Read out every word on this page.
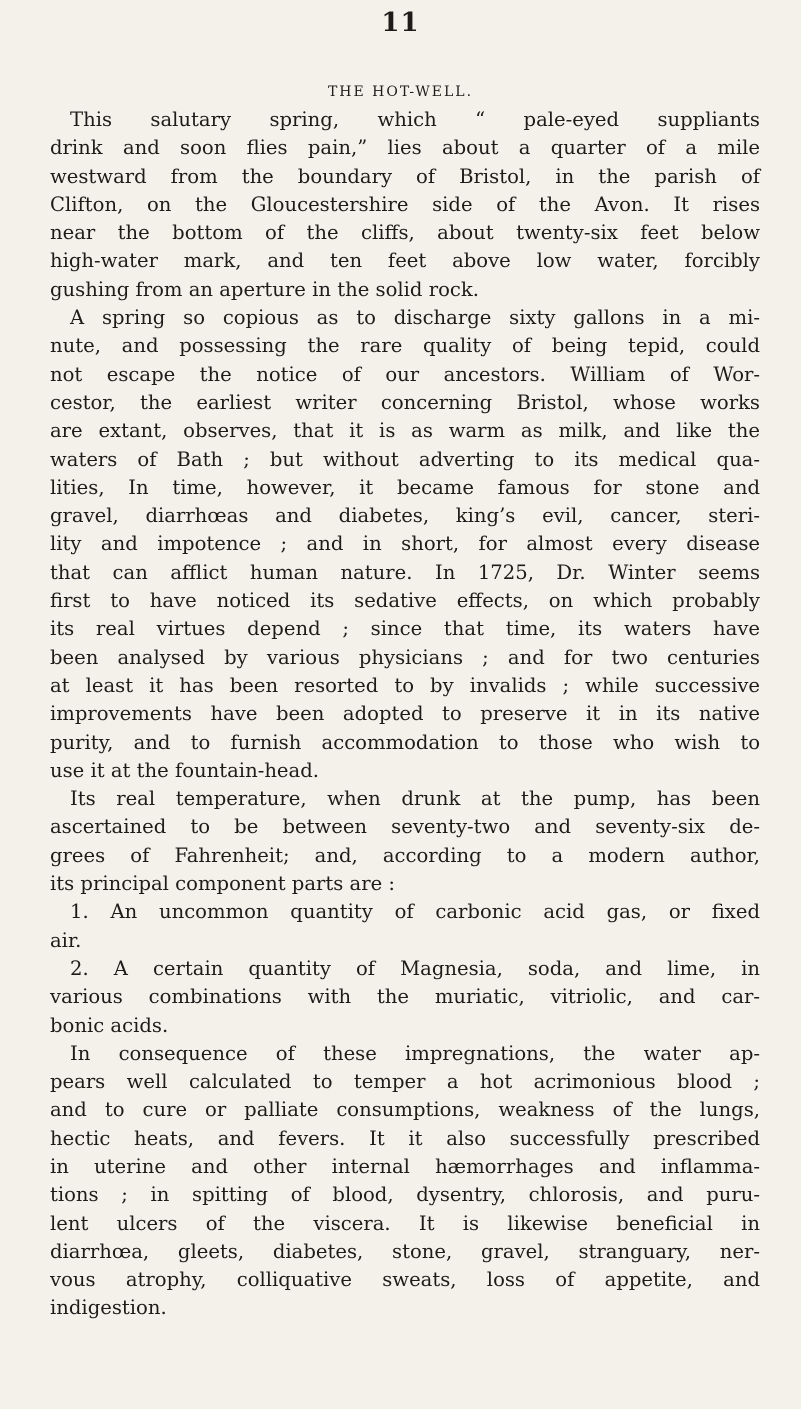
11
THE HOT-WELL.
This salutary spring, which “ pale-eyed suppliants
drink and soon flies pain,” lies about a quarter of a mile
westward from the boundary of Bristol, in the parish of
Clifton, on the Gloucestershire side of the Avon. It rises
near the bottom of the cliffs, about twenty-six feet below
high-water mark, and ten feet above low water, forcibly
gushing from an aperture in the solid rock.
A spring so copious as to discharge sixty gallons in a mi-
nute, and possessing the rare quality of being tepid, could
not escape the notice of our ancestors. William of Wor-
cestor, the earliest writer concerning Bristol, whose works
are extant, observes, that it is as warm as milk, and like the
waters of Bath ; but without adverting to its medical qua-
lities, In time, however, it became famous for stone and
gravel, diarrhœas and diabetes, king’s evil, cancer, steri-
lity and impotence ; and in short, for almost every disease
that can afflict human nature. In 1725, Dr. Winter seems
first to have noticed its sedative effects, on which probably
its real virtues depend ; since that time, its waters have
been analysed by various physicians ; and for two centuries
at least it has been resorted to by invalids ; while successive
improvements have been adopted to preserve it in its native
purity, and to furnish accommodation to those who wish to
use it at the fountain-head.
Its real temperature, when drunk at the pump, has been
ascertained to be between seventy-two and seventy-six de-
grees of Fahrenheit; and, according to a modern author,
its principal component parts are :
1. An uncommon quantity of carbonic acid gas, or fixed
air.
2. A certain quantity of Magnesia, soda, and lime, in
various combinations with the muriatic, vitriolic, and car-
bonic acids.
In consequence of these impregnations, the water ap-
pears well calculated to temper a hot acrimonious blood ;
and to cure or palliate consumptions, weakness of the lungs,
hectic heats, and fevers. It it also successfully prescribed
in uterine and other internal hæmorrhages and inflamma-
tions ; in spitting of blood, dysentry, chlorosis, and puru-
lent ulcers of the viscera. It is likewise beneficial in
diarrhœa, gleets, diabetes, stone, gravel, stranguary, ner-
vous atrophy, colliquative sweats, loss of appetite, and
indigestion.
